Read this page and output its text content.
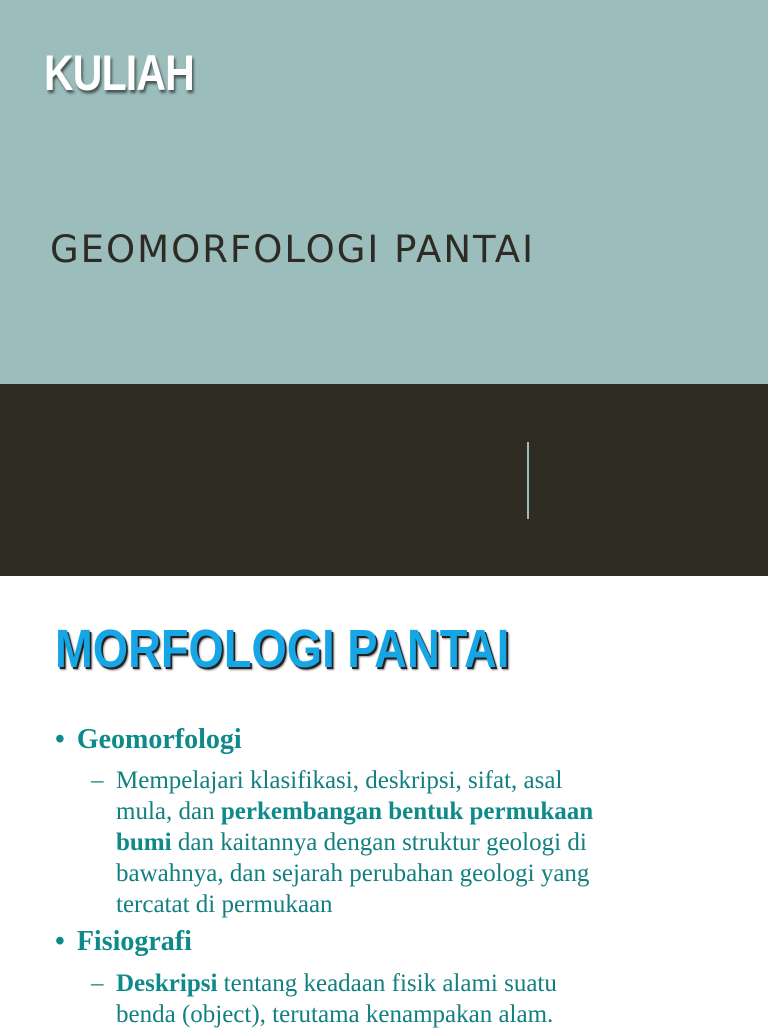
KULIAH
GEOMORFOLOGI PANTAI
MORFOLOGI PANTAI
• Geomorfologi
– Mempelajari klasifikasi, deskripsi, sifat, asal
mula, dan perkembangan bentuk permukaan
bumi dan kaitannya dengan struktur geologi di
bawahnya, dan sejarah perubahan geologi yang
tercatat di permukaan
• Fisiografi
– Deskripsi tentang keadaan fisik alami suatu
benda (object), terutama kenampakan alam.
